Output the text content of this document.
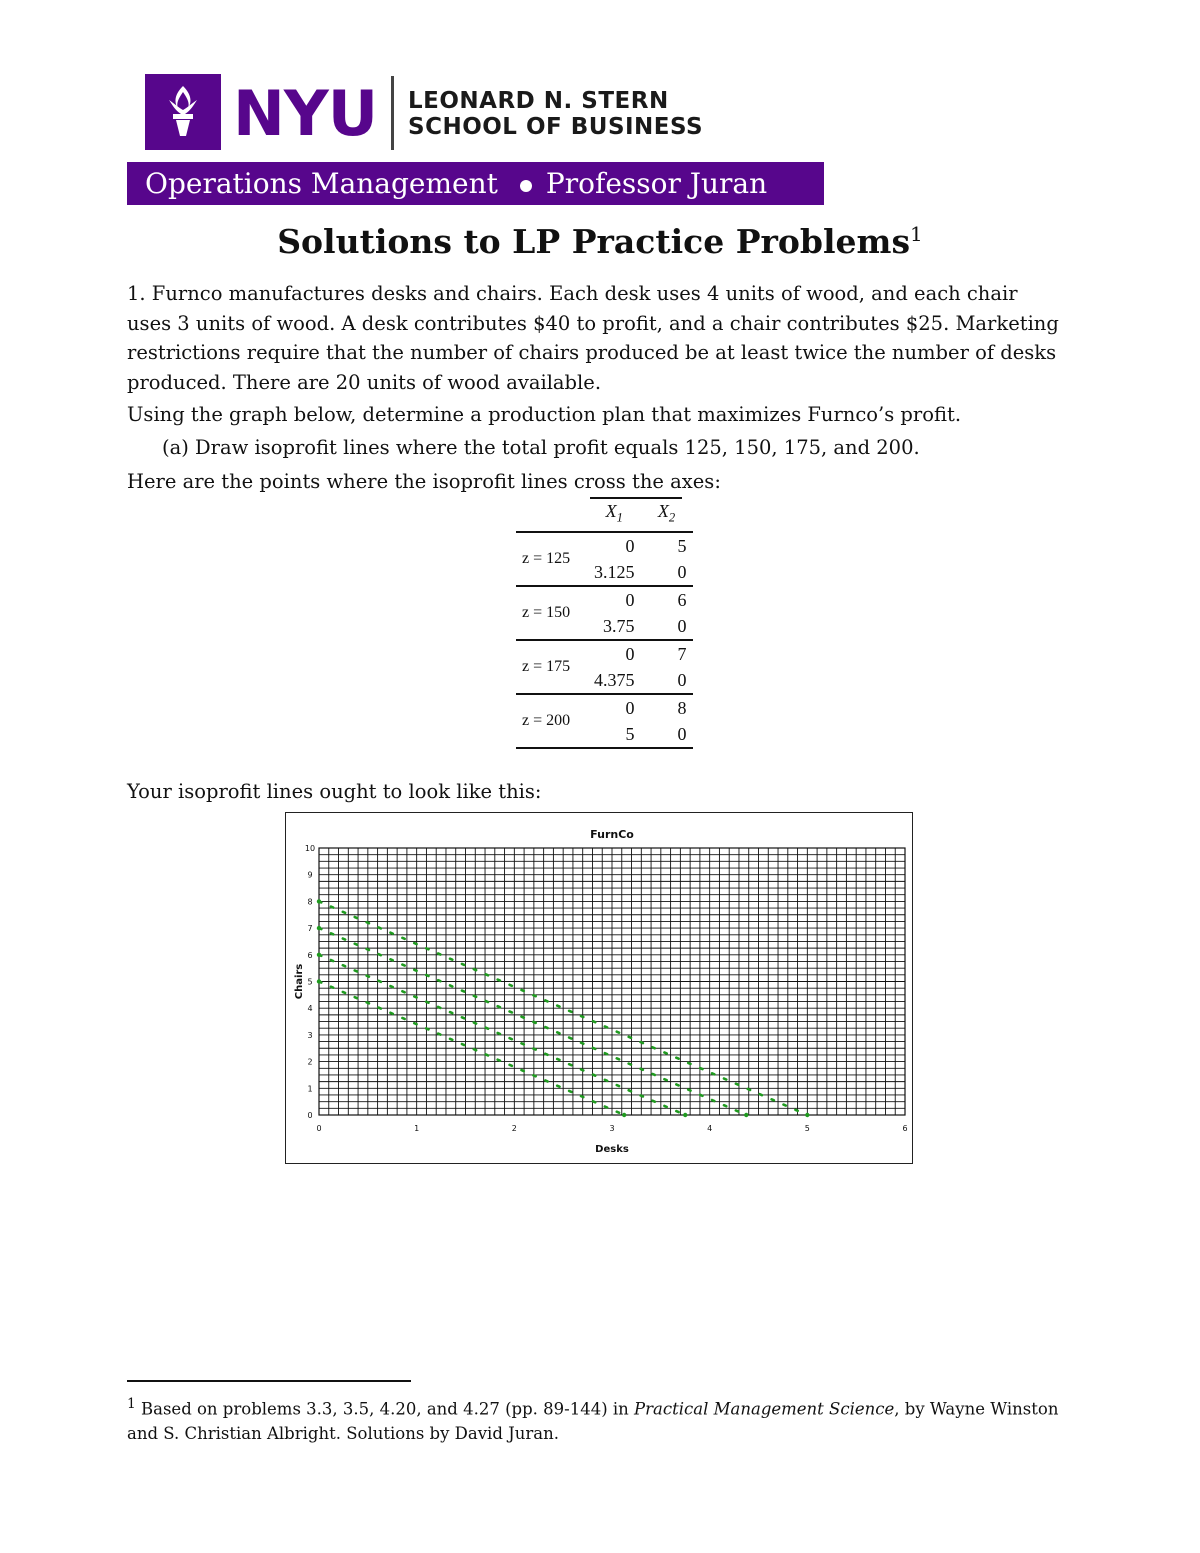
NYU LEONARD N. STERN
SCHOOL OF BUSINESS
Operations Management Professor Juran
Solutions to LP Practice Problems$^1$

1. Furnco manufactures desks and chairs. Each desk uses 4 units of wood, and each chair uses 3 units of wood. A desk contributes $40 to profit, and a chair contributes $25. Marketing restrictions require that the number of chairs produced be at least twice the number of desks produced. There are 20 units of wood available.

Using the graph below, determine a production plan that maximizes Furnco’s profit.

(a) Draw isoprofit lines where the total profit equals 125, 150, 175, and 200.

Here are the points where the isoprofit lines cross the axes:

	$X_1$	$X_2$
z = 125	0	5
	3.125	0
z = 150	0	6
	3.75	0
z = 175	0	7
	4.375	0
z = 200	0	8
	5	0

Your isoprofit lines ought to look like this:

FurnCo
0
1
2
3
4
5
6
7
8
9
10
0	1	2	3	4	5	6
Desks
Chairs

$^1$ Based on problems 3.3, 3.5, 4.20, and 4.27 (pp. 89-144) in Practical Management Science, by Wayne Winston and S. Christian Albright. Solutions by David Juran.
